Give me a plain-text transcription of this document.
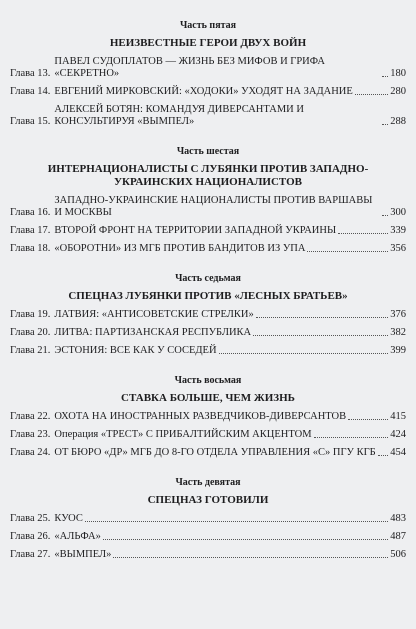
Часть пятая
НЕИЗВЕСТНЫЕ ГЕРОИ ДВУХ ВОЙН
Глава 13.
ПАВЕЛ СУДОПЛАТОВ — ЖИЗНЬ БЕЗ МИФОВ И ГРИФА «СЕКРЕТНО»	180
Глава 14. ЕВГЕНИЙ МИРКОВСКИЙ: «ХОДОКИ» УХОДЯТ НА ЗАДАНИЕ	280
Глава 15.
АЛЕКСЕЙ БОТЯН: КОМАНДУЯ ДИВЕРСАНТАМИ И КОНСУЛЬТИРУЯ «ВЫМПЕЛ»	288
Часть шестая
ИНТЕРНАЦИОНАЛИСТЫ С ЛУБЯНКИ ПРОТИВ ЗАПАДНО-УКРАИНСКИХ НАЦИОНАЛИСТОВ
Глава 16.
ЗАПАДНО-УКРАИНСКИЕ НАЦИОНАЛИСТЫ ПРОТИВ ВАРШАВЫ И МОСКВЫ	300
Глава 17. ВТОРОЙ ФРОНТ НА ТЕРРИТОРИИ ЗАПАДНОЙ УКРАИНЫ	339
Глава 18. «ОБОРОТНИ» ИЗ МГБ ПРОТИВ БАНДИТОВ ИЗ УПА	356
Часть седьмая
СПЕЦНАЗ ЛУБЯНКИ ПРОТИВ «ЛЕСНЫХ БРАТЬЕВ»
Глава 19. ЛАТВИЯ: «АНТИСОВЕТСКИЕ СТРЕЛКИ»	376
Глава 20. ЛИТВА: ПАРТИЗАНСКАЯ РЕСПУБЛИКА	382
Глава 21. ЭСТОНИЯ: ВСЕ КАК У СОСЕДЕЙ	399
Часть восьмая
СТАВКА БОЛЬШЕ, ЧЕМ ЖИЗНЬ
Глава 22. ОХОТА НА ИНОСТРАННЫХ РАЗВЕДЧИКОВ-ДИВЕРСАНТОВ	415
Глава 23. Операция «ТРЕСТ» С ПРИБАЛТИЙСКИМ АКЦЕНТОМ	424
Глава 24. ОТ БЮРО «ДР» МГБ ДО 8-ГО ОТДЕЛА УПРАВЛЕНИЯ «С» ПГУ КГБ 454
Часть девятая
СПЕЦНАЗ ГОТОВИЛИ
Глава 25. КУОС	483
Глава 26. «АЛЬФА»	487
Глава 27. «ВЫМПЕЛ»	506
